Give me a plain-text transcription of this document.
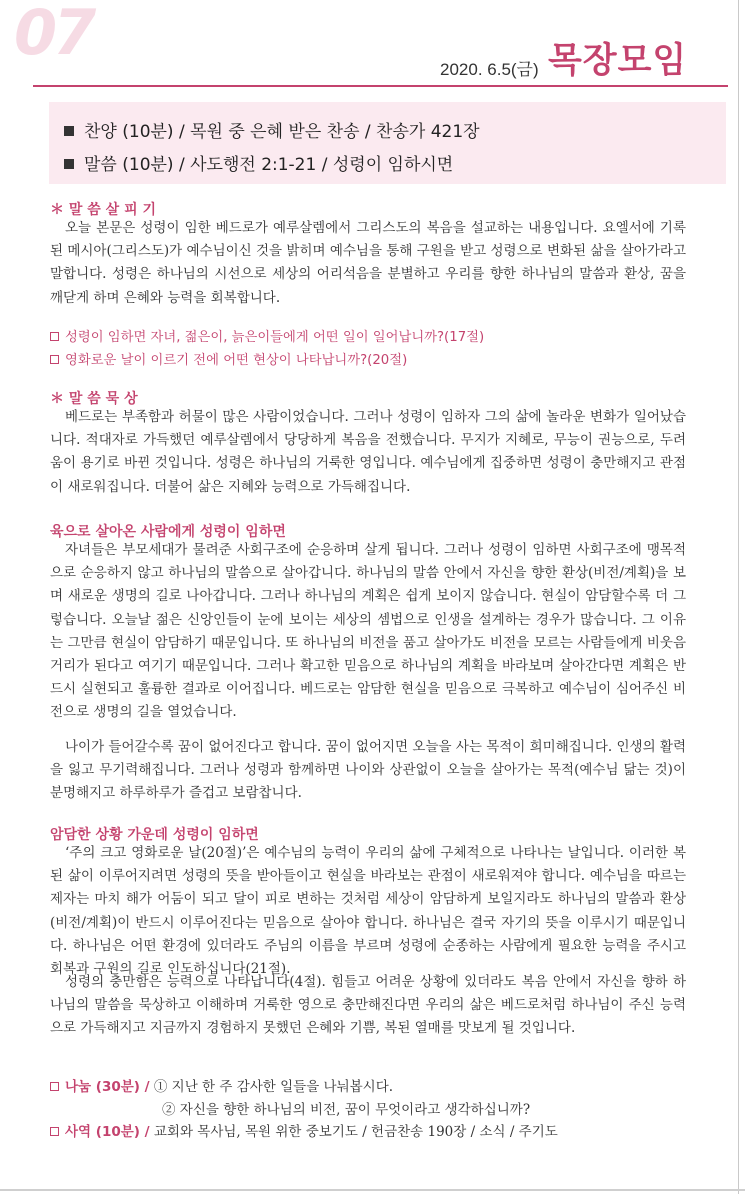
07
2020. 6.5(금) 목장모임
찬양 (10분) / 목원 중 은혜 받은 찬송 / 찬송가 421장
말씀 (10분) / 사도행전 2:1-21 / 성령이 임하시면
＊ 말 씀 살 피 기

오늘 본문은 성령이 임한 베드로가 예루살렘에서 그리스도의 복음을 설교하는 내용입니다. 요엘서에 기록된 메시아(그리스도)가 예수님이신 것을 밝히며 예수님을 통해 구원을 받고 성령으로 변화된 삶을 살아가라고 말합니다. 성령은 하나님의 시선으로 세상의 어리석음을 분별하고 우리를 향한 하나님의 말씀과 환상, 꿈을 깨닫게 하며 은혜와 능력을 회복합니다.

성령이 임하면 자녀, 젊은이, 늙은이들에게 어떤 일이 일어납니까?(17절)
영화로운 날이 이르기 전에 어떤 현상이 나타납니까?(20절)
＊ 말 씀 묵 상

베드로는 부족함과 허물이 많은 사람이었습니다. 그러나 성령이 임하자 그의 삶에 놀라운 변화가 일어났습니다. 적대자로 가득했던 예루살렘에서 당당하게 복음을 전했습니다. 무지가 지혜로, 무능이 권능으로, 두려움이 용기로 바뀐 것입니다. 성령은 하나님의 거룩한 영입니다. 예수님에게 집중하면 성령이 충만해지고 관점이 새로워집니다. 더불어 삶은 지혜와 능력으로 가득해집니다.

육으로 살아온 사람에게 성령이 임하면

자녀들은 부모세대가 물려준 사회구조에 순응하며 살게 됩니다. 그러나 성령이 임하면 사회구조에 맹목적으로 순응하지 않고 하나님의 말씀으로 살아갑니다. 하나님의 말씀 안에서 자신을 향한 환상(비전/계획)을 보며 새로운 생명의 길로 나아갑니다. 그러나 하나님의 계획은 쉽게 보이지 않습니다. 현실이 암담할수록 더 그렇습니다. 오늘날 젊은 신앙인들이 눈에 보이는 세상의 셈법으로 인생을 설계하는 경우가 많습니다. 그 이유는 그만큼 현실이 암담하기 때문입니다. 또 하나님의 비전을 품고 살아가도 비전을 모르는 사람들에게 비웃음거리가 된다고 여기기 때문입니다. 그러나 확고한 믿음으로 하나님의 계획을 바라보며 살아간다면 계획은 반드시 실현되고 훌륭한 결과로 이어집니다. 베드로는 암담한 현실을 믿음으로 극복하고 예수님이 심어주신 비전으로 생명의 길을 열었습니다.

나이가 들어갈수록 꿈이 없어진다고 합니다. 꿈이 없어지면 오늘을 사는 목적이 희미해집니다. 인생의 활력을 잃고 무기력해집니다. 그러나 성령과 함께하면 나이와 상관없이 오늘을 살아가는 목적(예수님 닮는 것)이 분명해지고 하루하루가 즐겁고 보람찹니다.

암담한 상황 가운데 성령이 임하면

‘주의 크고 영화로운 날(20절)’은 예수님의 능력이 우리의 삶에 구체적으로 나타나는 날입니다. 이러한 복된 삶이 이루어지려면 성령의 뜻을 받아들이고 현실을 바라보는 관점이 새로워져야 합니다. 예수님을 따르는 제자는 마치 해가 어둠이 되고 달이 피로 변하는 것처럼 세상이 암담하게 보일지라도 하나님의 말씀과 환상(비전/계획)이 반드시 이루어진다는 믿음으로 살아야 합니다. 하나님은 결국 자기의 뜻을 이루시기 때문입니다. 하나님은 어떤 환경에 있더라도 주님의 이름을 부르며 성령에 순종하는 사람에게 필요한 능력을 주시고 회복과 구원의 길로 인도하십니다(21절).

성령의 충만함은 능력으로 나타납니다(4절). 힘들고 어려운 상황에 있더라도 복음 안에서 자신을 향하 하나님의 말씀을 묵상하고 이해하며 거룩한 영으로 충만해진다면 우리의 삶은 베드로처럼 하나님이 주신 능력으로 가득해지고 지금까지 경험하지 못했던 은혜와 기쁨, 복된 열매를 맛보게 될 것입니다.

나눔 (30분) / ① 지난 한 주 감사한 일들을 나눠봅시다.
② 자신을 향한 하나님의 비전, 꿈이 무엇이라고 생각하십니까?
사역 (10분) / 교회와 목사님, 목원 위한 중보기도 / 헌금찬송 190장 / 소식 / 주기도
